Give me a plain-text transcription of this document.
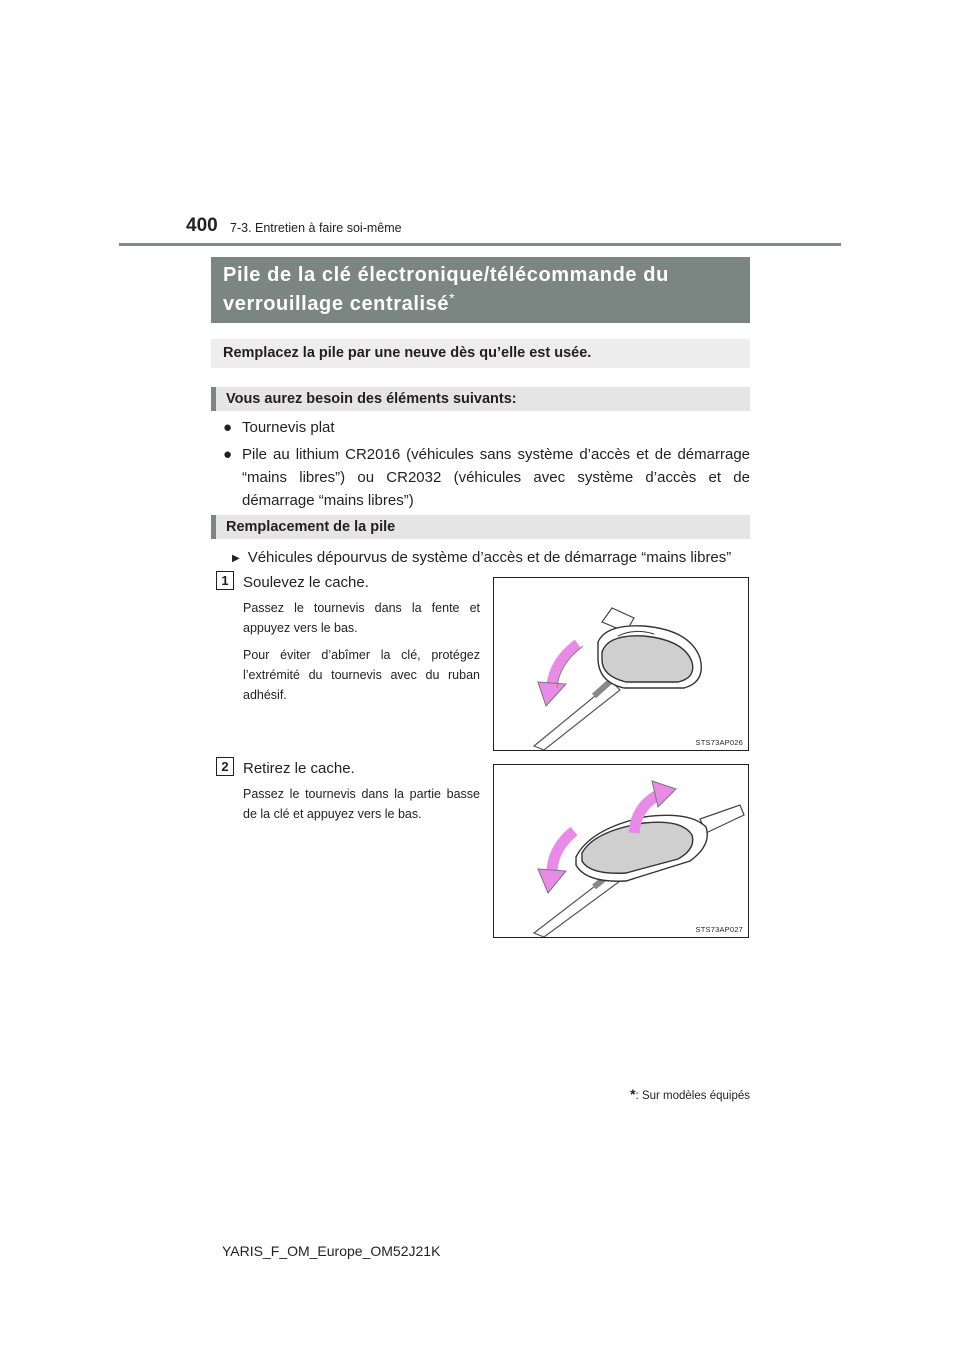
400 7-3. Entretien à faire soi-même
Pile de la clé électronique/télécommande du
verrouillage centralisé*
Remplacez la pile par une neuve dès qu’elle est usée.
Vous aurez besoin des éléments suivants:
● Tournevis plat
● Pile au lithium CR2016 (véhicules sans système d’accès et de démarrage “mains libres”) ou CR2032 (véhicules avec système d’accès et de démarrage “mains libres”)
Remplacement de la pile
▶ Véhicules dépourvus de système d’accès et de démarrage “mains libres”
1 Soulevez le cache.

Passez le tournevis dans la fente et appuyez vers le bas.

Pour éviter d’abîmer la clé, protégez l’extrémité du tournevis avec du ruban adhésif.

STS73AP026
2 Retirez le cache.

Passez le tournevis dans la partie basse de la clé et appuyez vers le bas.

STS73AP027
*: Sur modèles équipés
YARIS_F_OM_Europe_OM52J21K
